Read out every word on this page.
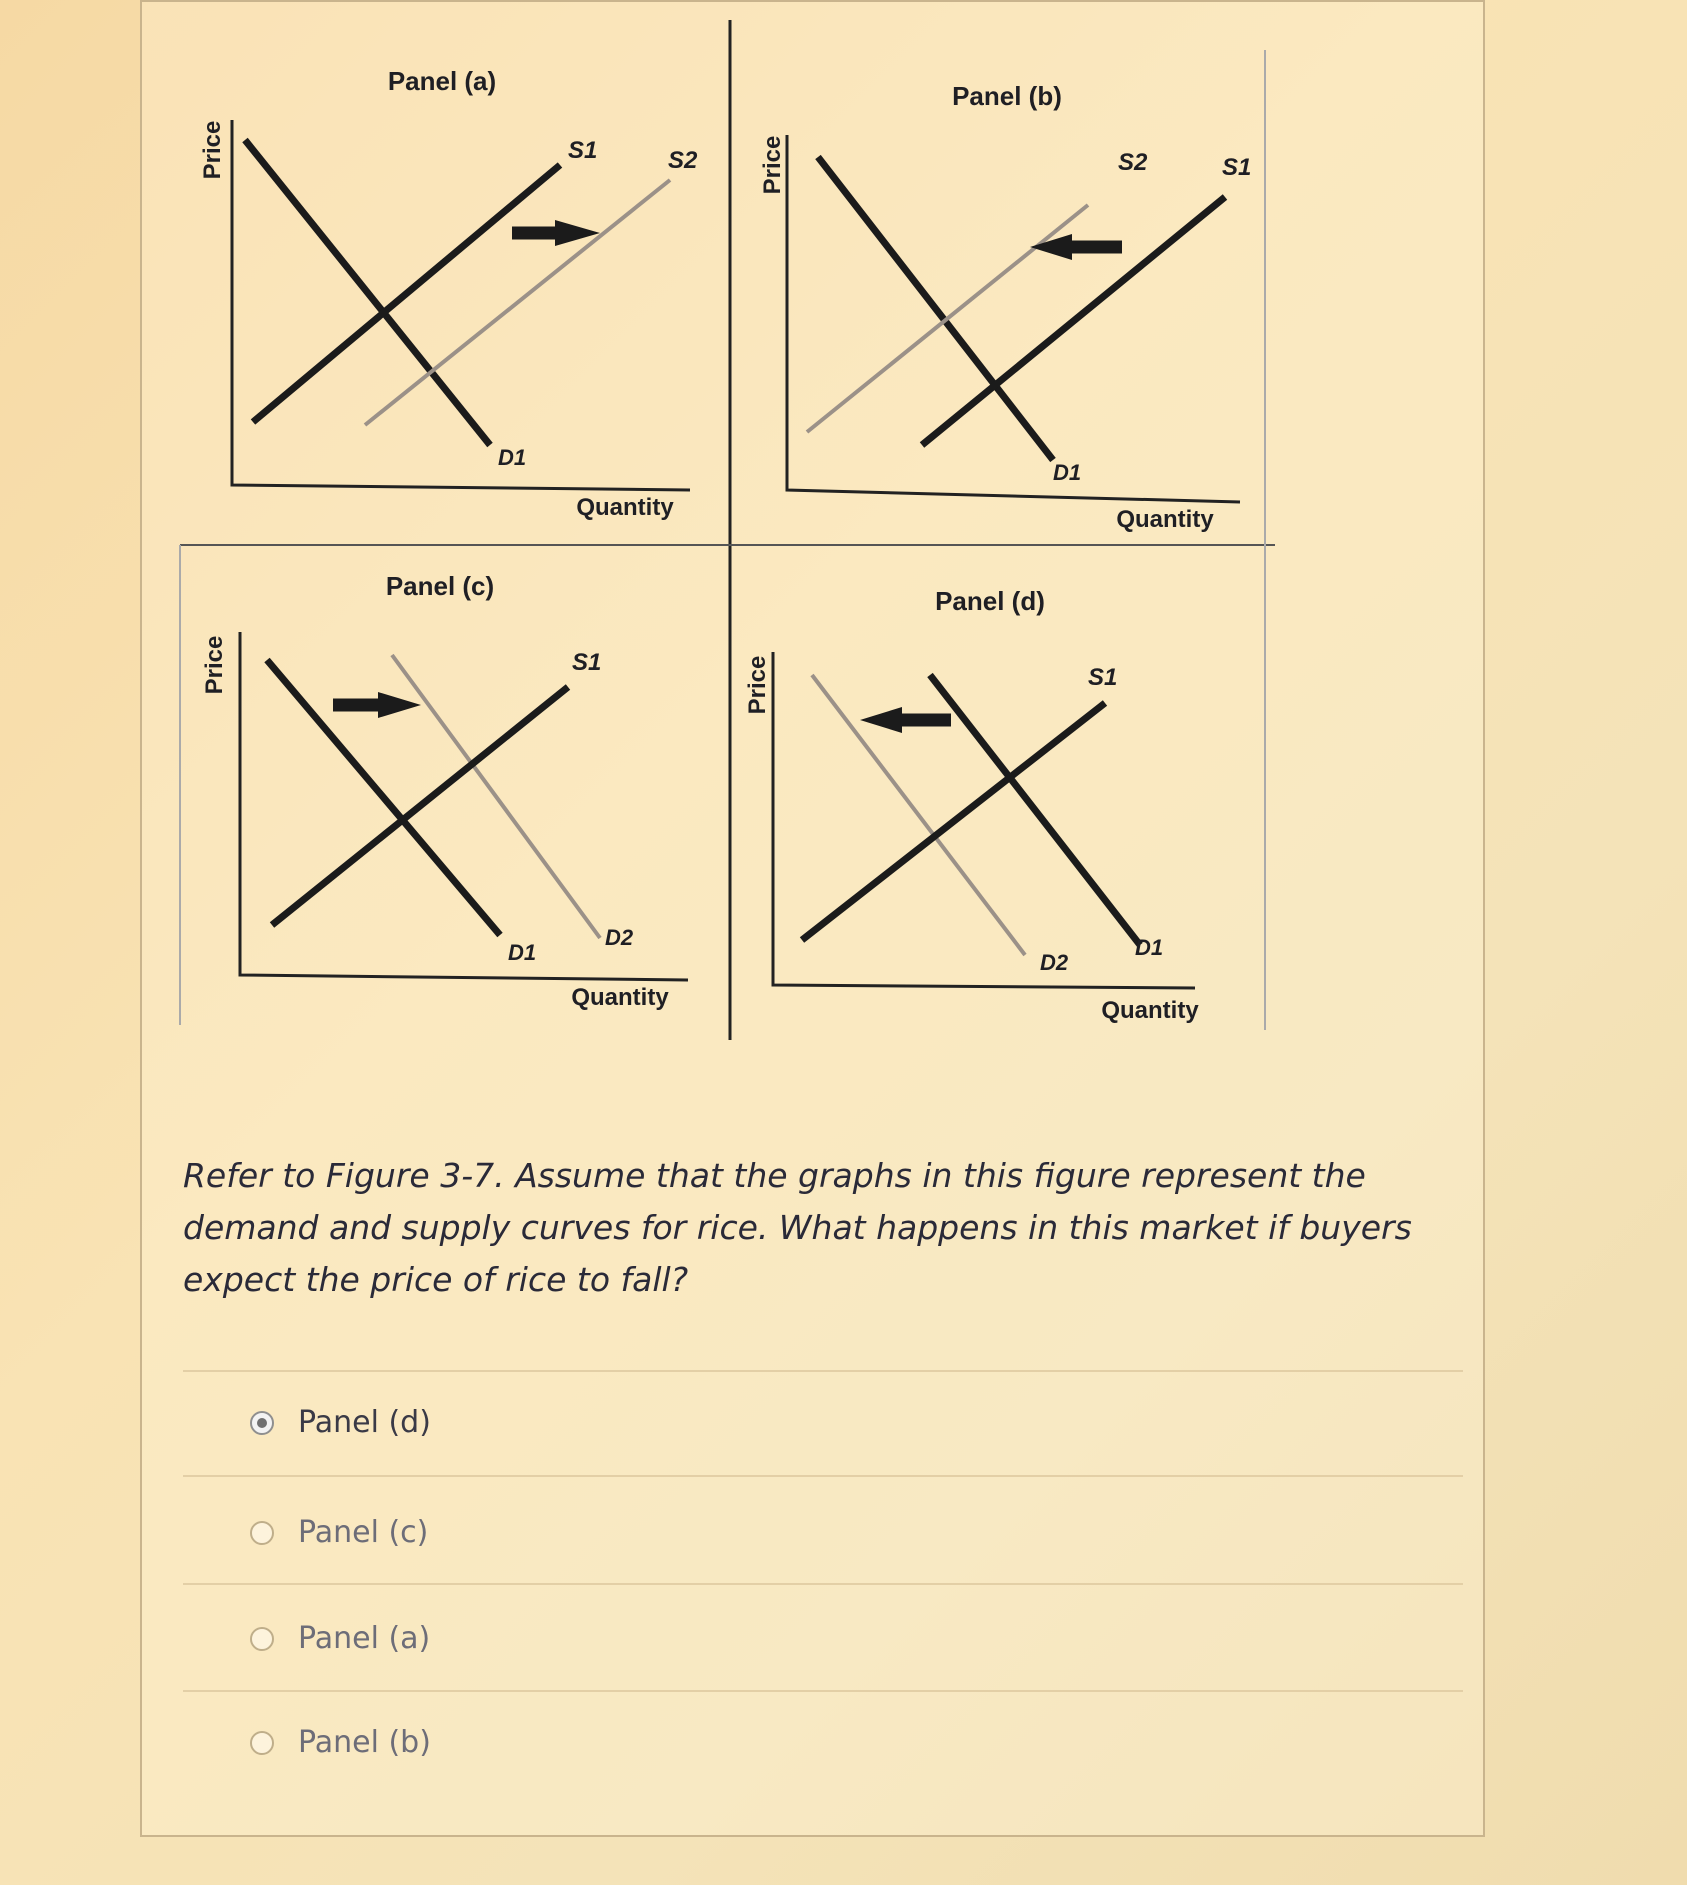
Panel (a)
Price
Quantity
S1	S2
D1
Panel (b)
Price
Quantity
S2	S1
D1
Panel (c)
Price
Quantity
S1
D1
D2
Panel (d)
Price
Quantity
S1
D1
D2
Refer to Figure 3-7. Assume that the graphs in this figure represent the demand and supply curves for rice. What happens in this market if buyers expect the price of rice to fall?
Panel (d)
Panel (c)
Panel (a)
Panel (b)
